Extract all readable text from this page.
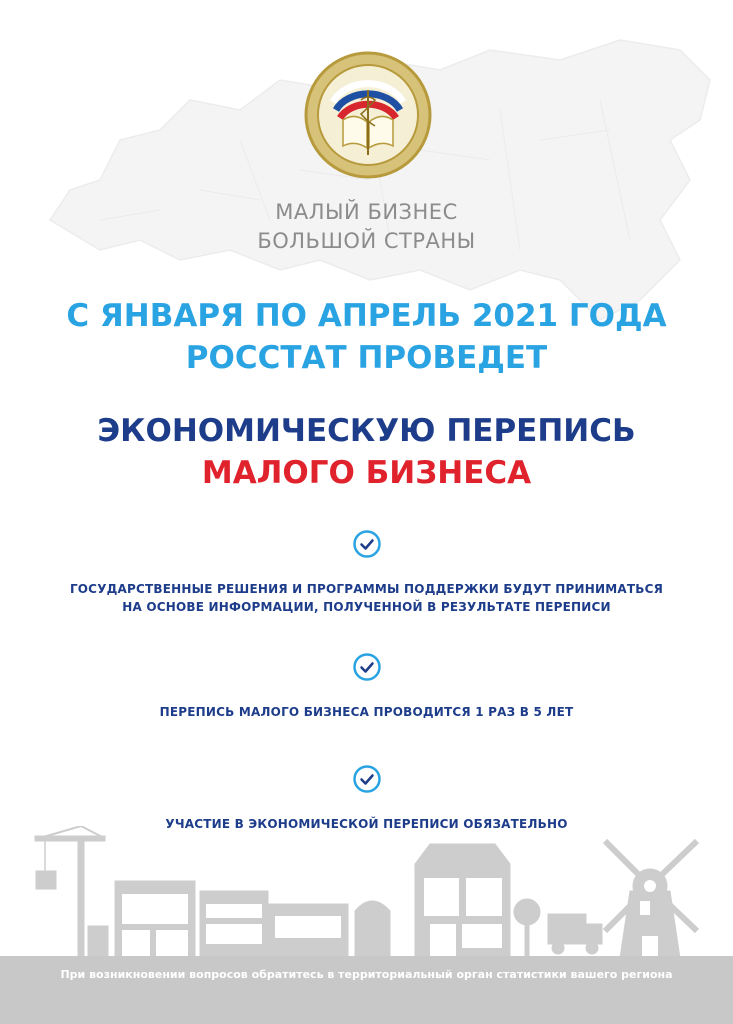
МАЛЫЙ БИЗНЕС
БОЛЬШОЙ СТРАНЫ
С ЯНВАРЯ ПО АПРЕЛЬ 2021 ГОДА
РОССТАТ ПРОВЕДЕТ
ЭКОНОМИЧЕСКУЮ ПЕРЕПИСЬ
МАЛОГО БИЗНЕСА
ГОСУДАРСТВЕННЫЕ РЕШЕНИЯ И ПРОГРАММЫ ПОДДЕРЖКИ БУДУТ ПРИНИМАТЬСЯ
НА ОСНОВЕ ИНФОРМАЦИИ, ПОЛУЧЕННОЙ В РЕЗУЛЬТАТЕ ПЕРЕПИСИ
ПЕРЕПИСЬ МАЛОГО БИЗНЕСА ПРОВОДИТСЯ 1 РАЗ В 5 ЛЕТ
УЧАСТИЕ В ЭКОНОМИЧЕСКОЙ ПЕРЕПИСИ ОБЯЗАТЕЛЬНО
При возникновении вопросов обратитесь в территориальный орган статистики вашего региона
